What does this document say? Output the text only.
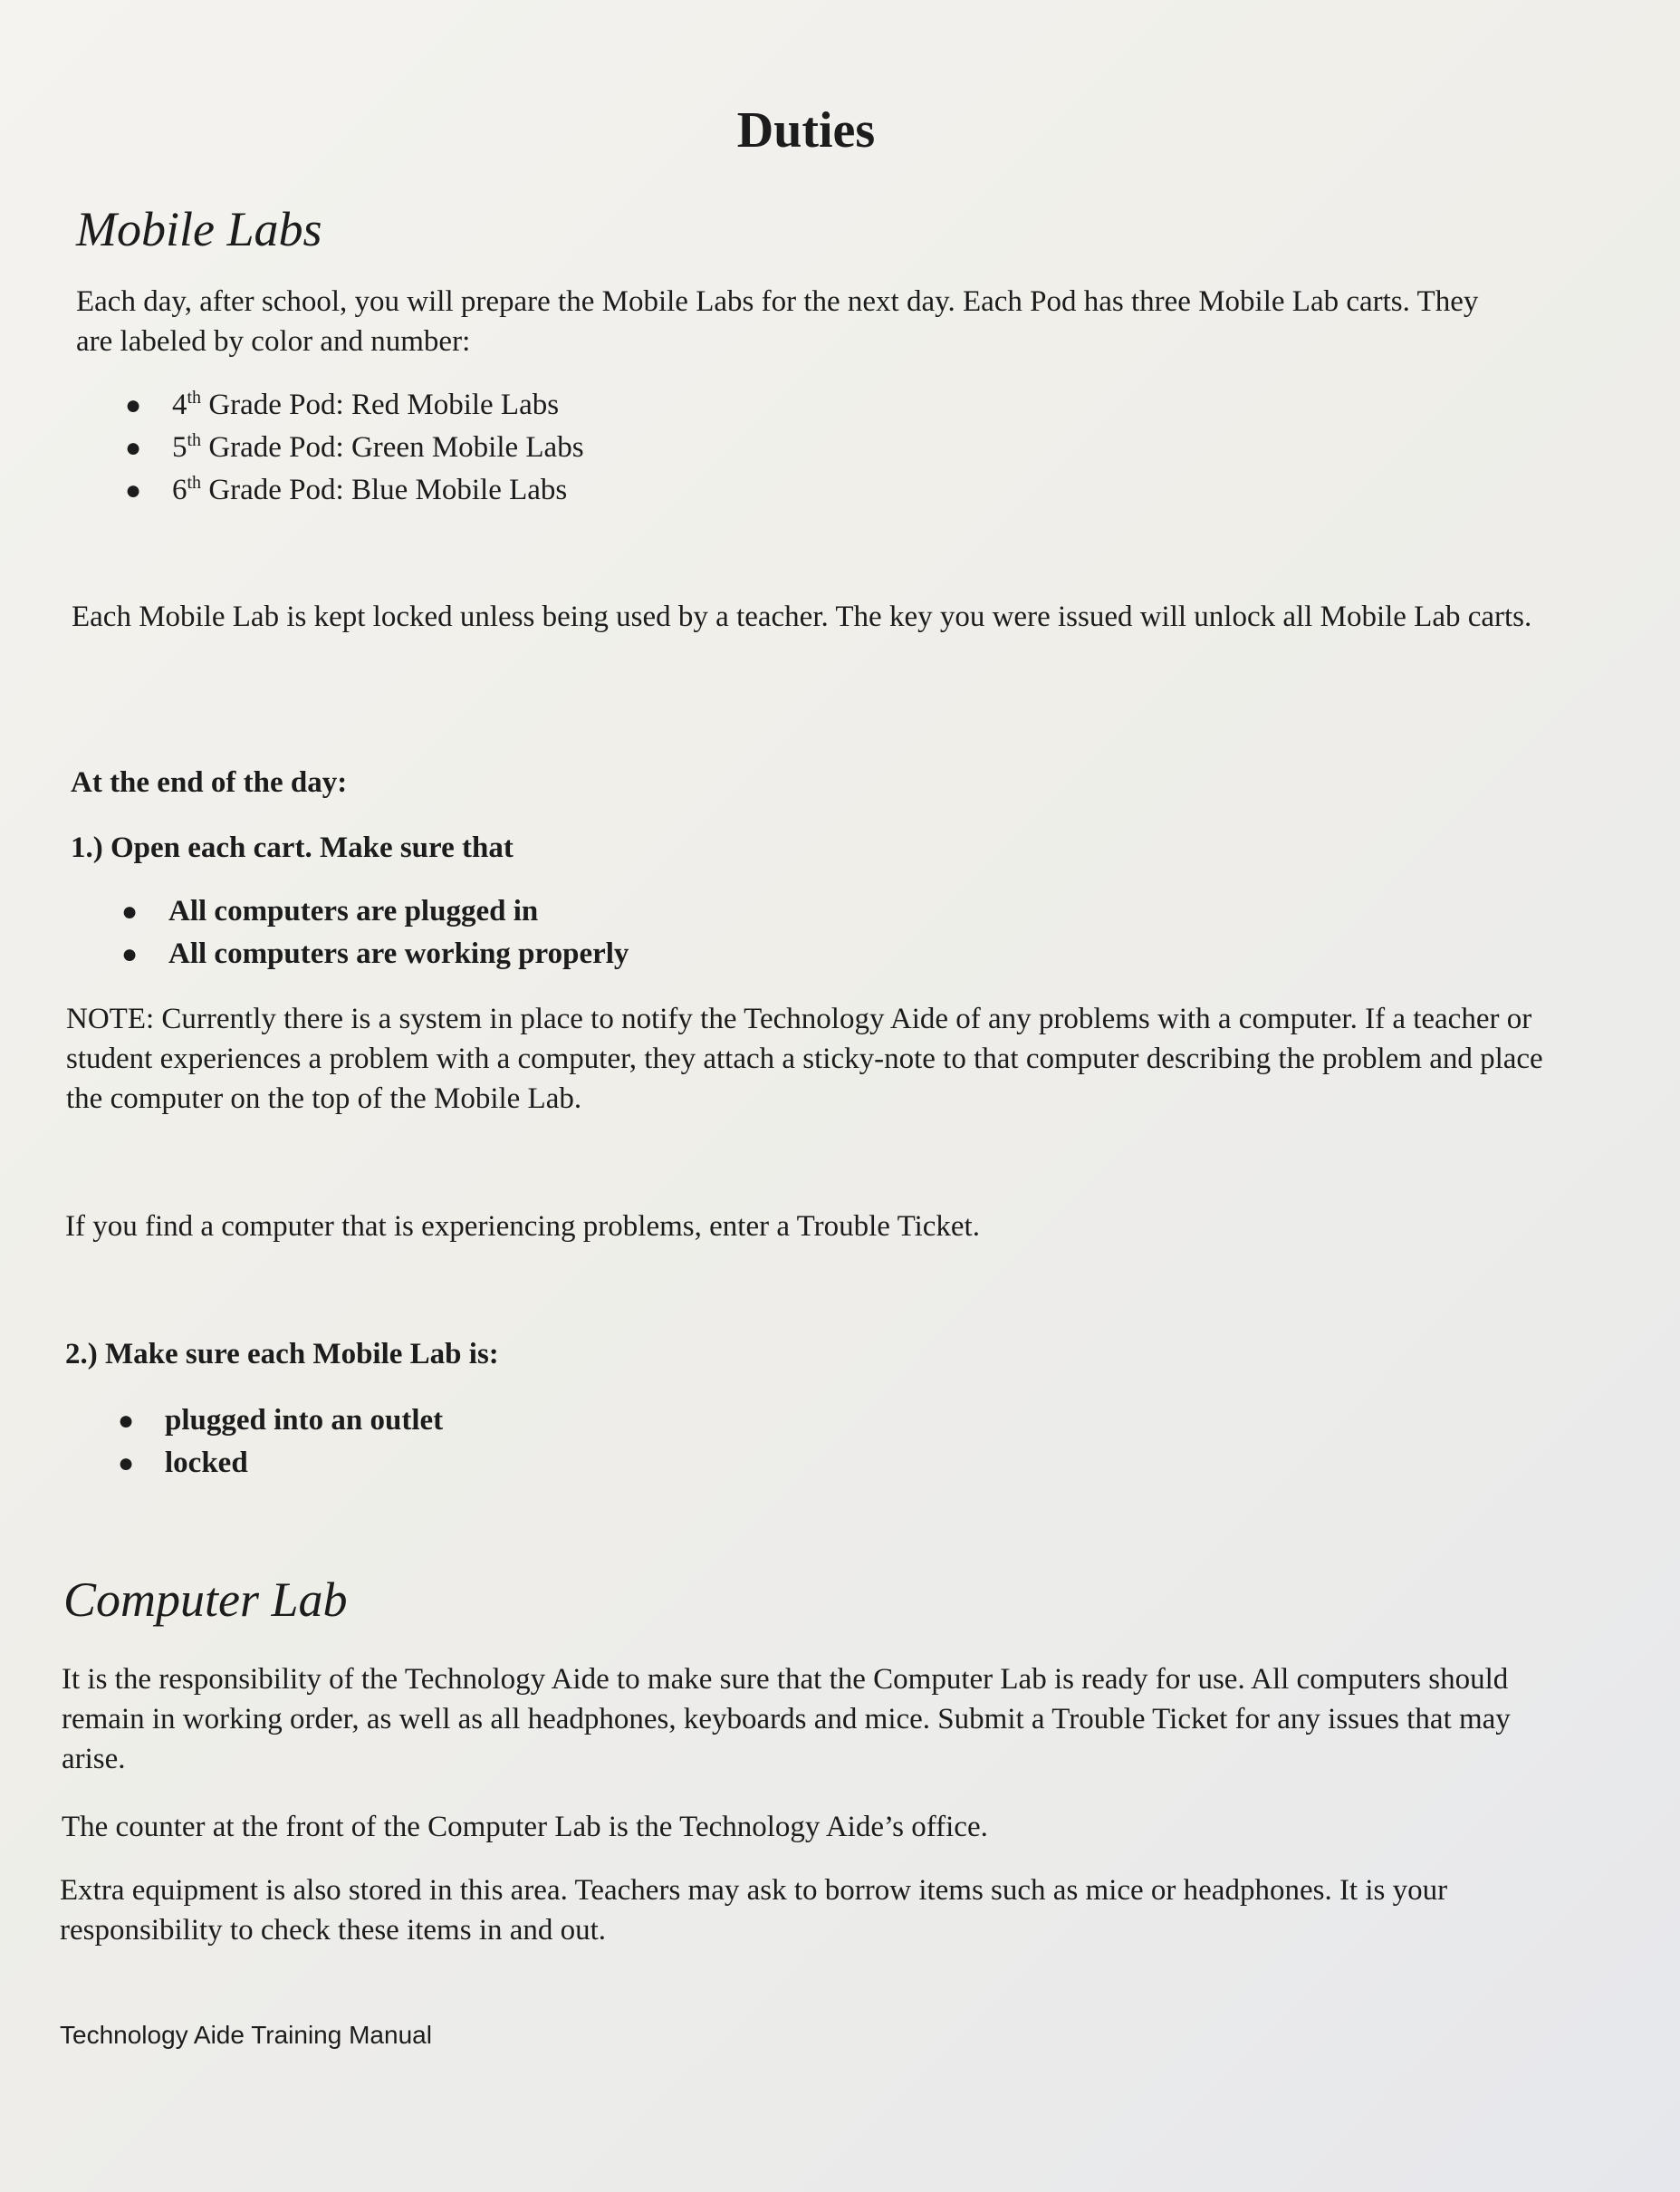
Duties
Mobile Labs

Each day, after school, you will prepare the Mobile Labs for the next day. Each Pod has three Mobile Lab carts. They are labeled by color and number:

● 4th Grade Pod: Red Mobile Labs
● 5th Grade Pod: Green Mobile Labs
● 6th Grade Pod: Blue Mobile Labs

Each Mobile Lab is kept locked unless being used by a teacher. The key you were issued will unlock all Mobile Lab carts.

At the end of the day:

1.) Open each cart. Make sure that

● All computers are plugged in
● All computers are working properly

NOTE: Currently there is a system in place to notify the Technology Aide of any problems with a computer. If a teacher or student experiences a problem with a computer, they attach a sticky-note to that computer describing the problem and place the computer on the top of the Mobile Lab.

If you find a computer that is experiencing problems, enter a Trouble Ticket.

2.) Make sure each Mobile Lab is:

● plugged into an outlet
● locked
Computer Lab

It is the responsibility of the Technology Aide to make sure that the Computer Lab is ready for use. All computers should remain in working order, as well as all headphones, keyboards and mice. Submit a Trouble Ticket for any issues that may arise.

The counter at the front of the Computer Lab is the Technology Aide’s office.

Extra equipment is also stored in this area. Teachers may ask to borrow items such as mice or headphones. It is your responsibility to check these items in and out.

Technology Aide Training Manual
